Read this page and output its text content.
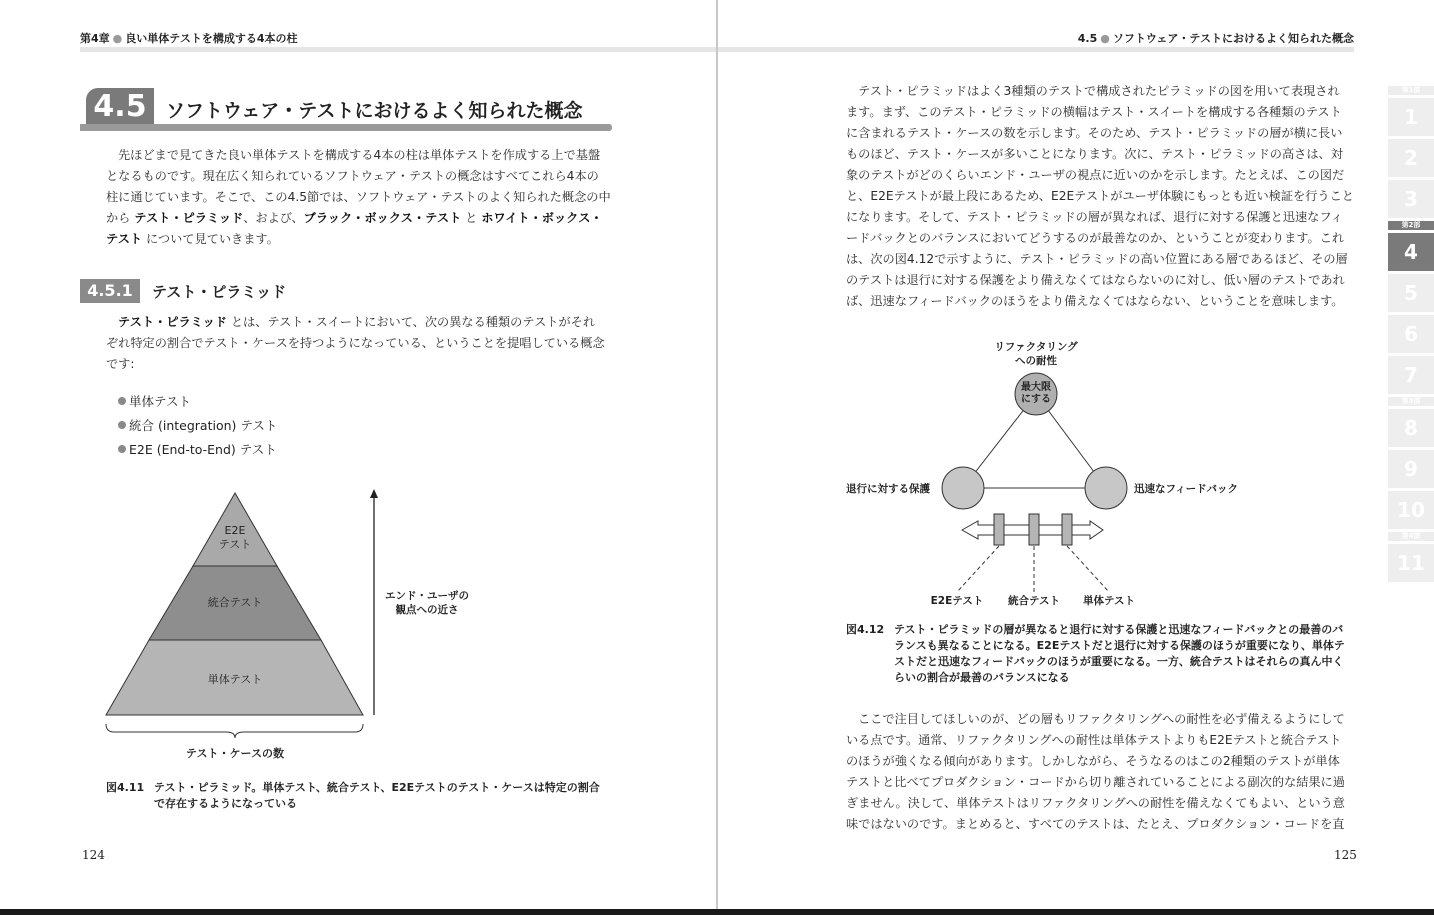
第4章 ● 良い単体テストを構成する4本の柱
4.5	ソフトウェア・テストにおけるよく知られた概念
先ほどまで見てきた良い単体テストを構成する4本の柱は単体テストを作成する上で基盤
となるものです。現在広く知られているソフトウェア・テストの概念はすべてこれら4本の
柱に通じています。そこで、この4.5節では、ソフトウェア・テストのよく知られた概念の中
から テスト・ピラミッド、および、ブラック・ボックス・テスト と ホワイト・ボックス・
テスト について見ていきます。
4.5.1	テスト・ピラミッド
テスト・ピラミッド とは、テスト・スイートにおいて、次の異なる種類のテストがそれ
ぞれ特定の割合でテスト・ケースを持つようになっている、ということを提唱している概念
です:
単体テスト
統合 (integration) テスト
E2E (End-to-End) テスト
E2E
テスト
統合テスト
単体テスト
エンド・ユーザの
観点への近さ
テスト・ケースの数
図4.11 テスト・ピラミッド。単体テスト、統合テスト、E2Eテストのテスト・ケースは特定の割合
で存在するようになっている
124
4.5 ● ソフトウェア・テストにおけるよく知られた概念
テスト・ピラミッドはよく3種類のテストで構成されたピラミッドの図を用いて表現され
ます。まず、このテスト・ピラミッドの横幅はテスト・スイートを構成する各種類のテスト
に含まれるテスト・ケースの数を示します。そのため、テスト・ピラミッドの層が横に長い
ものほど、テスト・ケースが多いことになります。次に、テスト・ピラミッドの高さは、対
象のテストがどのくらいエンド・ユーザの視点に近いのかを示します。たとえば、この図だ
と、E2Eテストが最上段にあるため、E2Eテストがユーザ体験にもっとも近い検証を行うこと
になります。そして、テスト・ピラミッドの層が異なれば、退行に対する保護と迅速なフィ
ードバックとのバランスにおいてどうするのが最善なのか、ということが変わります。これ
は、次の図4.12で示すように、テスト・ピラミッドの高い位置にある層であるほど、その層
のテストは退行に対する保護をより備えなくてはならないのに対し、低い層のテストであれ
ば、迅速なフィードバックのほうをより備えなくてはならない、ということを意味します。
リファクタリング
への耐性
最大限
にする
退行に対する保護	迅速なフィードバック
E2Eテスト 統合テスト 単体テスト
図4.12 テスト・ピラミッドの層が異なると退行に対する保護と迅速なフィードバックとの最善のバ
ランスも異なることになる。E2Eテストだと退行に対する保護のほうが重要になり、単体テ
ストだと迅速なフィードバックのほうが重要になる。一方、統合テストはそれらの真ん中く
らいの割合が最善のバランスになる
ここで注目してほしいのが、どの層もリファクタリングへの耐性を必ず備えるようにして
いる点です。通常、リファクタリングへの耐性は単体テストよりもE2Eテストと統合テスト
のほうが強くなる傾向があります。しかしながら、そうなるのはこの2種類のテストが単体
テストと比べてプロダクション・コードから切り離されていることによる副次的な結果に過
ぎません。決して、単体テストはリファクタリングへの耐性を備えなくてもよい、という意
味ではないのです。まとめると、すべてのテストは、たとえ、プロダクション・コードを直
125
第1部
1
2
3
第2部
4
5
6
7
第3部
8
9
10
第4部
11
